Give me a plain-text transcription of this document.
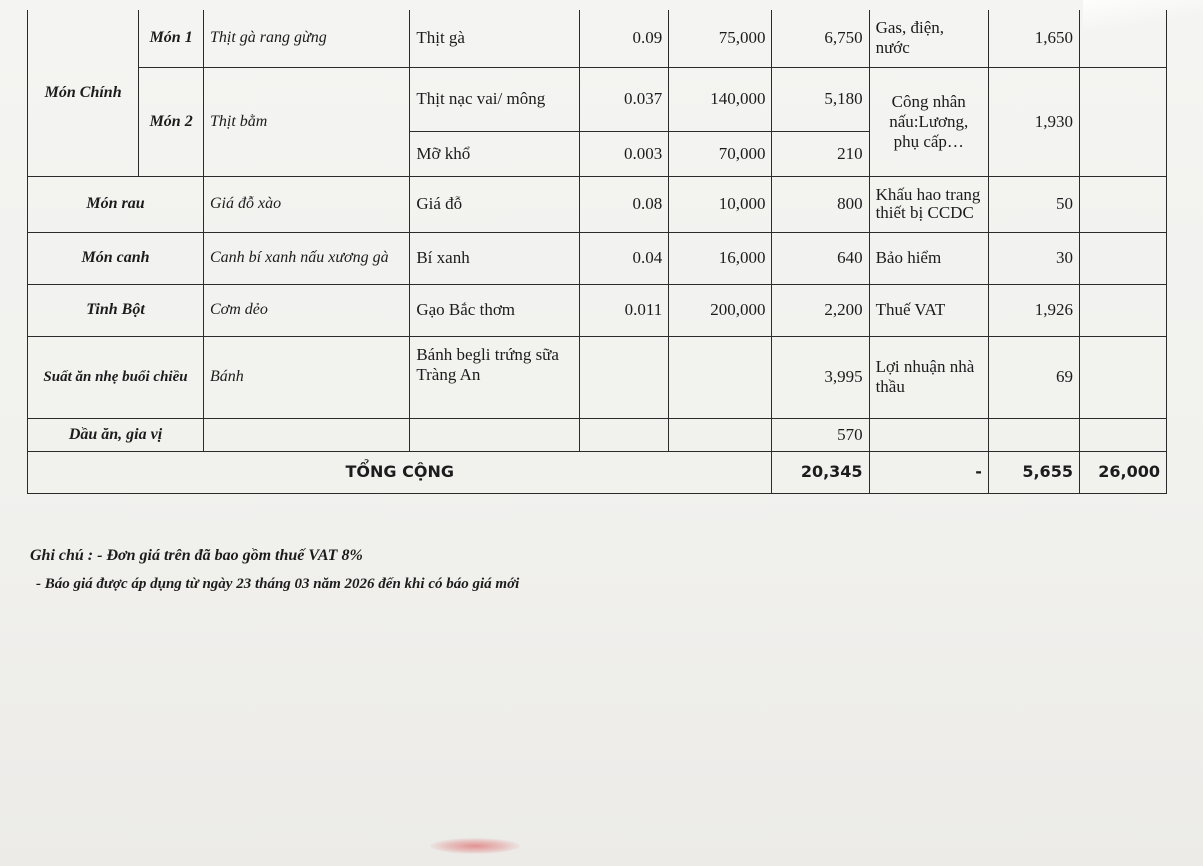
Món Chính	Món 1	Thịt gà rang gừng	Thịt gà	0.09	75,000	6,750	Gas, điện, nước	1,650	
	Món 2	Thịt bằm	Thịt nạc vai/ mông	0.037	140,000	5,180	Công nhân nấu:Lương, phụ cấp…	1,930	
			Mỡ khổ	0.003	70,000	210			
Món rau		Giá đỗ xào	Giá đỗ	0.08	10,000	800	Khấu hao trang thiết bị CCDC	50	
Món canh		Canh bí xanh nấu xương gà	Bí xanh	0.04	16,000	640	Bảo hiểm	30	
Tinh Bột		Cơm dẻo	Gạo Bắc thơm	0.011	200,000	2,200	Thuế VAT	1,926	
Suất ăn nhẹ buổi chiều		Bánh	Bánh begli trứng sữa Tràng An			3,995	Lợi nhuận nhà thầu	69	
Dầu ăn, gia vị						570			
TỔNG CỘNG						20,345	-	5,655	26,000
Ghi chú : - Đơn giá trên đã bao gồm thuế VAT 8%
- Báo giá được áp dụng từ ngày 23 tháng 03 năm 2026 đến khi có báo giá mới
